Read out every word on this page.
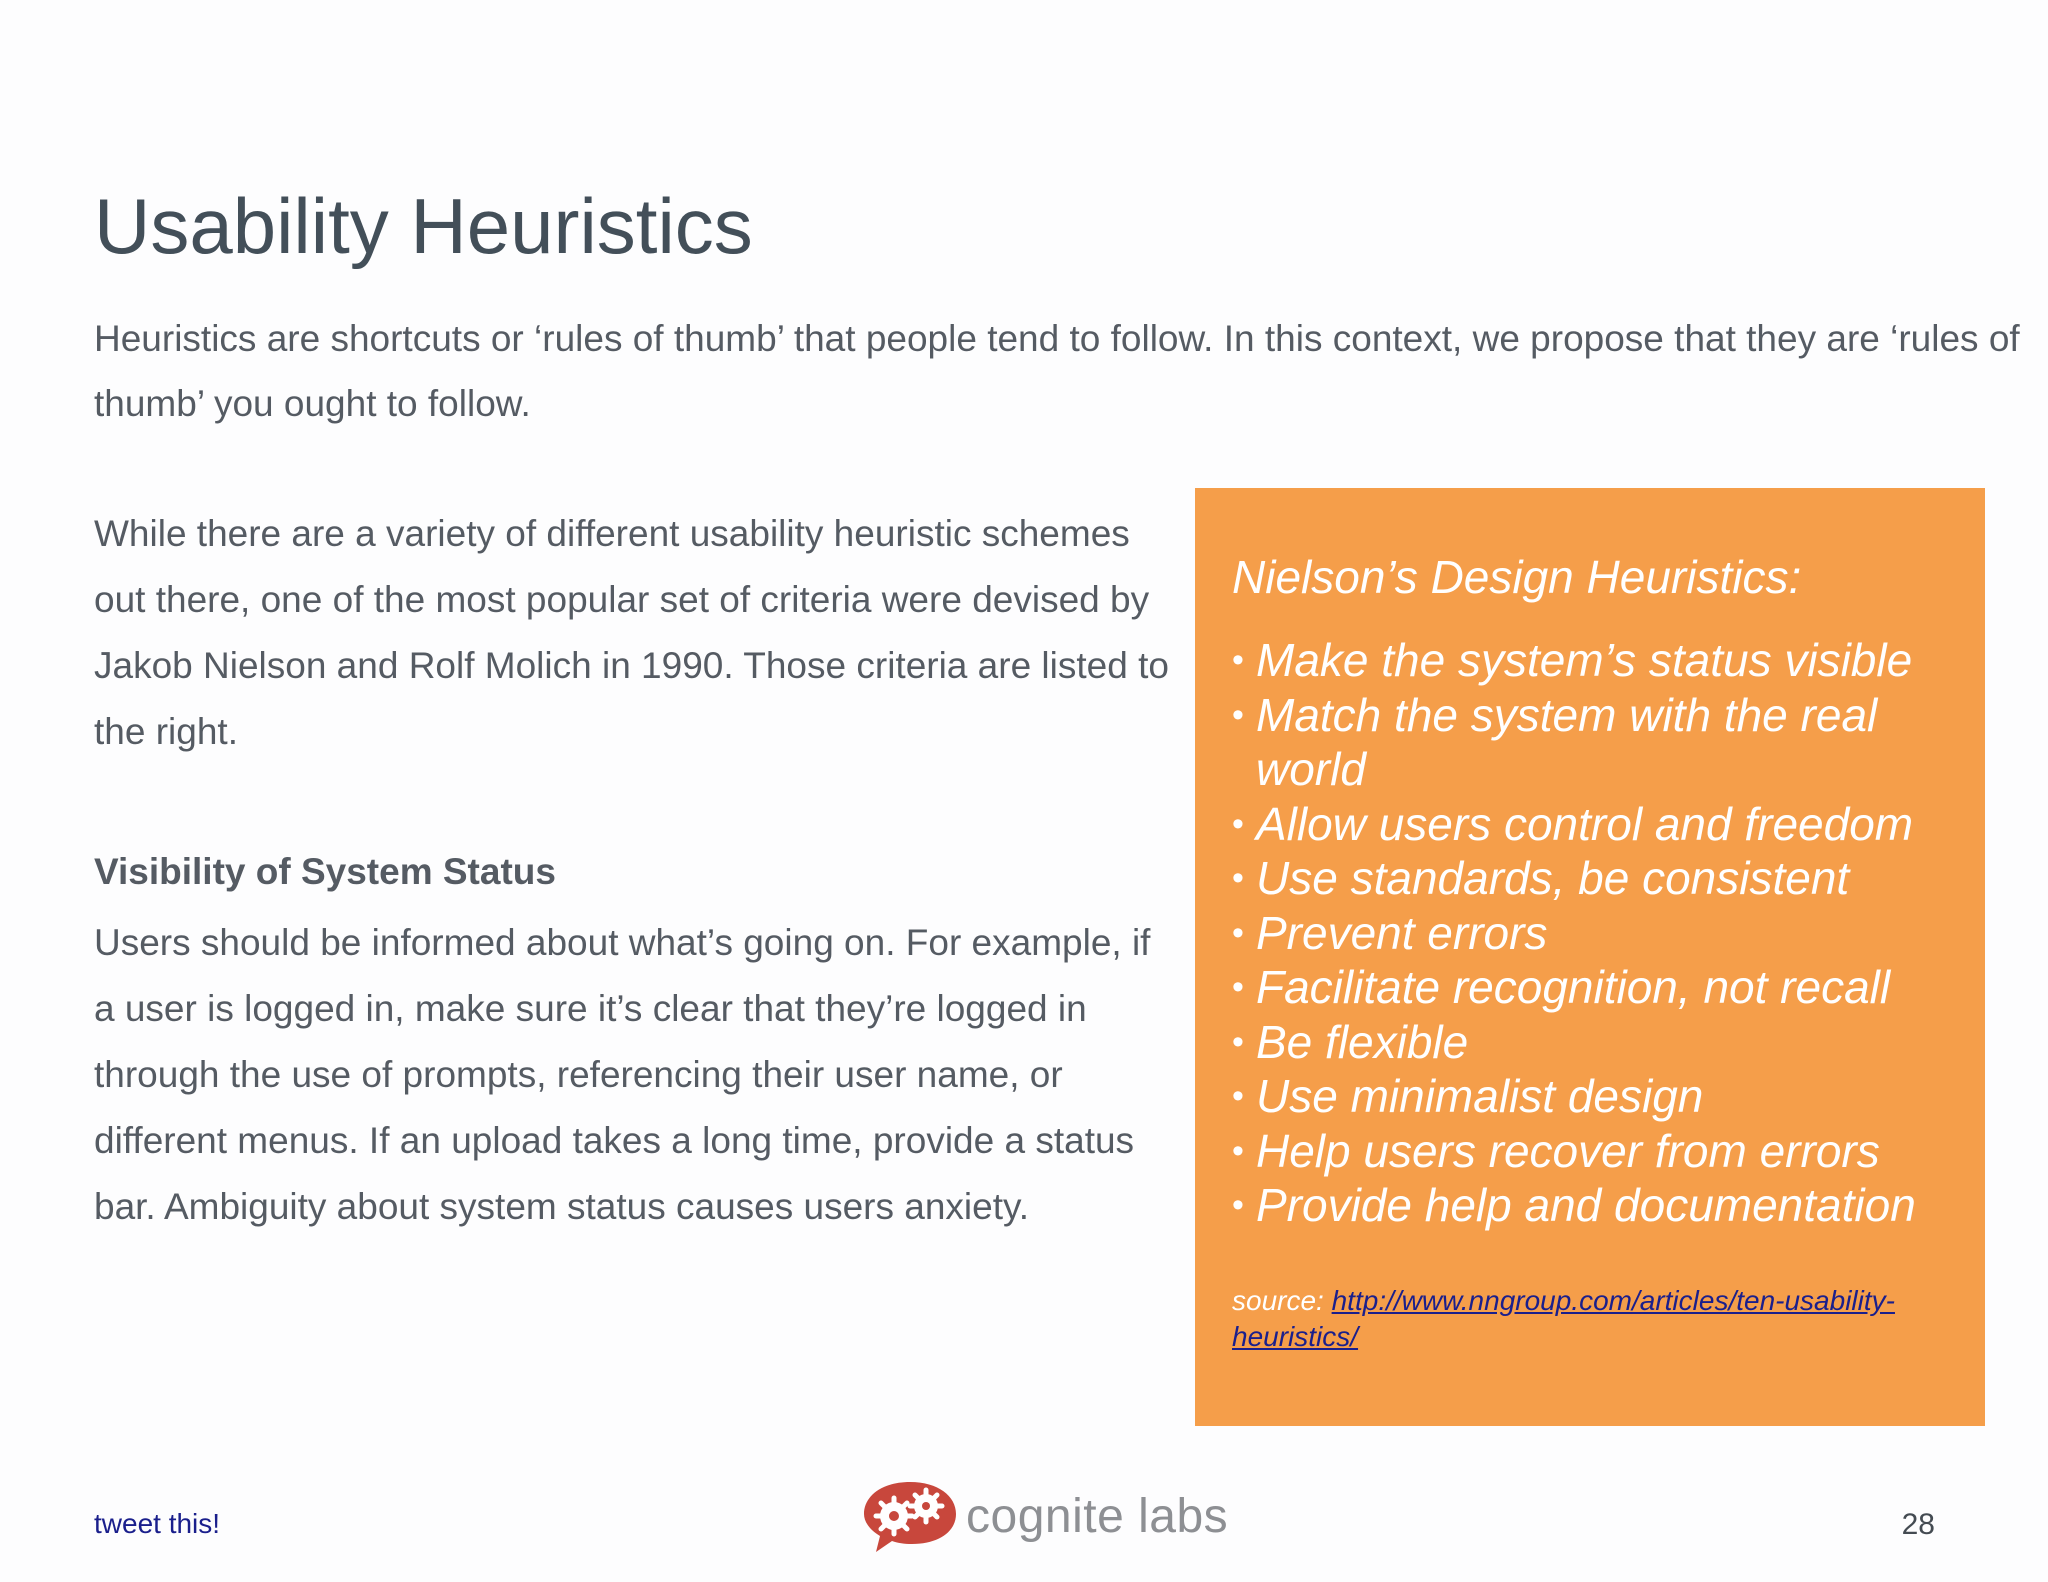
Usability Heuristics

Heuristics are shortcuts or ‘rules of thumb’ that people tend to follow. In this context, we propose that they are ‘rules of thumb’ you ought to follow.

While there are a variety of different usability heuristic schemes out there, one of the most popular set of criteria were devised by Jakob Nielson and Rolf Molich in 1990. Those criteria are listed to the right.

Visibility of System Status

Users should be informed about what’s going on. For example, if a user is logged in, make sure it’s clear that they’re logged in through the use of prompts, referencing their user name, or different menus. If an upload takes a long time, provide a status bar. Ambiguity about system status causes users anxiety.

Nielson’s Design Heuristics:

• Make the system’s status visible
• Match the system with the real world
• Allow users control and freedom
• Use standards, be consistent
• Prevent errors
• Facilitate recognition, not recall
• Be flexible
• Use minimalist design
• Help users recover from errors
• Provide help and documentation
source: http://www.nngroup.com/articles/ten-usability-heuristics/
tweet this!	cognite labs	28
